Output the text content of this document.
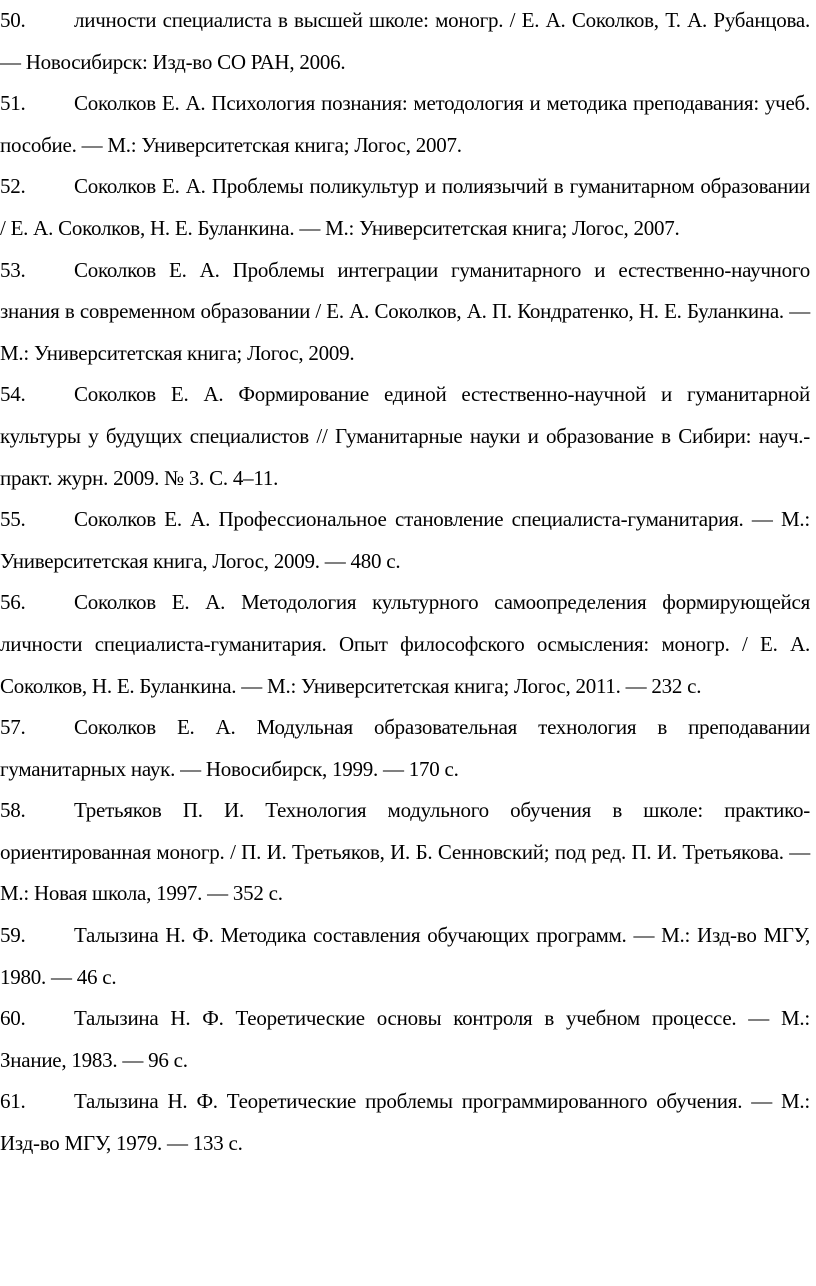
50. личности специалиста в высшей школе: моногр. / Е. А. Соколков, Т. А. Рубанцова. — Новосибирск: Изд-во СО РАН, 2006.

51. Соколков Е. А. Психология познания: методология и методика преподавания: учеб. пособие. — М.: Университетская книга; Логос, 2007.

52. Соколков Е. А. Проблемы поликультур и полиязычий в гуманитарном образовании / Е. А. Соколков, Н. Е. Буланкина. — М.: Университетская книга; Логос, 2007.

53. Соколков Е. А. Проблемы интеграции гуманитарного и естественно-научного знания в современном образовании / Е. А. Соколков, А. П. Кондратенко, Н. Е. Буланкина. — М.: Университетская книга; Логос, 2009.

54. Соколков Е. А. Формирование единой естественно-научной и гуманитарной культуры у будущих специалистов // Гуманитарные науки и образование в Сибири: науч.-практ. журн. 2009. № 3. С. 4–11.

55. Соколков Е. А. Профессиональное становление специалиста-гуманитария. — М.: Университетская книга, Логос, 2009. — 480 с.

56. Соколков Е. А. Методология культурного самоопределения формирующейся личности специалиста-гуманитария. Опыт философского осмысления: моногр. / Е. А. Соколков, Н. Е. Буланкина. — М.: Университетская книга; Логос, 2011. — 232 с.

57. Соколков Е. А. Модульная образовательная технология в преподавании гуманитарных наук. — Новосибирск, 1999. — 170 с.

58. Третьяков П. И. Технология модульного обучения в школе: практико-ориентированная моногр. / П. И. Третьяков, И. Б. Сенновский; под ред. П. И. Третьякова. — М.: Новая школа, 1997. — 352 с.

59. Талызина Н. Ф. Методика составления обучающих программ. — М.: Изд-во МГУ, 1980. — 46 с.

60. Талызина Н. Ф. Теоретические основы контроля в учебном процессе. — М.: Знание, 1983. — 96 с.

61. Талызина Н. Ф. Теоретические проблемы программированного обучения. — М.: Изд-во МГУ, 1979. — 133 с.
